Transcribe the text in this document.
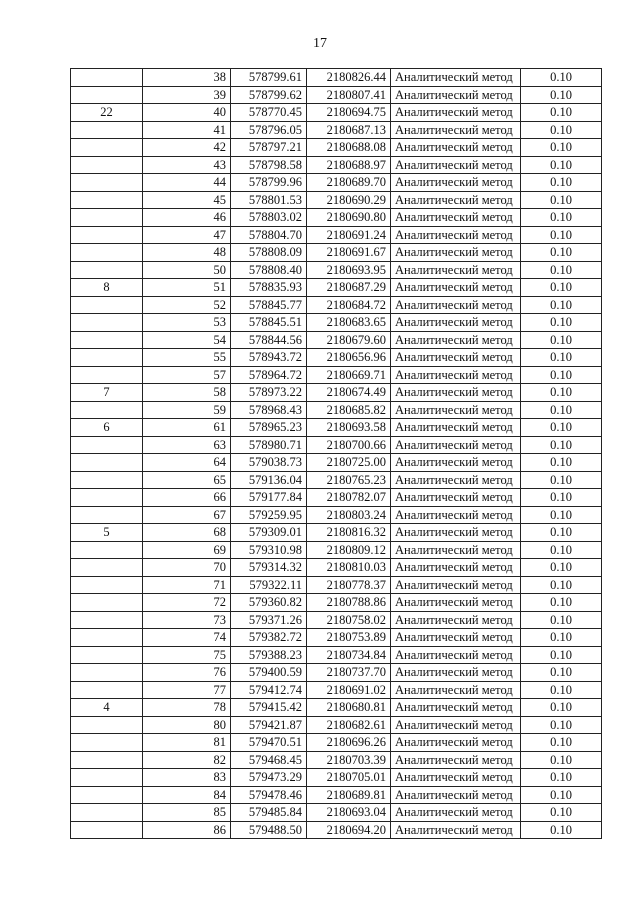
17
	38	578799.61	2180826.44	Аналитический метод	0.10
	39	578799.62	2180807.41	Аналитический метод	0.10
22	40	578770.45	2180694.75	Аналитический метод	0.10
	41	578796.05	2180687.13	Аналитический метод	0.10
	42	578797.21	2180688.08	Аналитический метод	0.10
	43	578798.58	2180688.97	Аналитический метод	0.10
	44	578799.96	2180689.70	Аналитический метод	0.10
	45	578801.53	2180690.29	Аналитический метод	0.10
	46	578803.02	2180690.80	Аналитический метод	0.10
	47	578804.70	2180691.24	Аналитический метод	0.10
	48	578808.09	2180691.67	Аналитический метод	0.10
	50	578808.40	2180693.95	Аналитический метод	0.10
8	51	578835.93	2180687.29	Аналитический метод	0.10
	52	578845.77	2180684.72	Аналитический метод	0.10
	53	578845.51	2180683.65	Аналитический метод	0.10
	54	578844.56	2180679.60	Аналитический метод	0.10
	55	578943.72	2180656.96	Аналитический метод	0.10
	57	578964.72	2180669.71	Аналитический метод	0.10
7	58	578973.22	2180674.49	Аналитический метод	0.10
	59	578968.43	2180685.82	Аналитический метод	0.10
6	61	578965.23	2180693.58	Аналитический метод	0.10
	63	578980.71	2180700.66	Аналитический метод	0.10
	64	579038.73	2180725.00	Аналитический метод	0.10
	65	579136.04	2180765.23	Аналитический метод	0.10
	66	579177.84	2180782.07	Аналитический метод	0.10
	67	579259.95	2180803.24	Аналитический метод	0.10
5	68	579309.01	2180816.32	Аналитический метод	0.10
	69	579310.98	2180809.12	Аналитический метод	0.10
	70	579314.32	2180810.03	Аналитический метод	0.10
	71	579322.11	2180778.37	Аналитический метод	0.10
	72	579360.82	2180788.86	Аналитический метод	0.10
	73	579371.26	2180758.02	Аналитический метод	0.10
	74	579382.72	2180753.89	Аналитический метод	0.10
	75	579388.23	2180734.84	Аналитический метод	0.10
	76	579400.59	2180737.70	Аналитический метод	0.10
	77	579412.74	2180691.02	Аналитический метод	0.10
4	78	579415.42	2180680.81	Аналитический метод	0.10
	80	579421.87	2180682.61	Аналитический метод	0.10
	81	579470.51	2180696.26	Аналитический метод	0.10
	82	579468.45	2180703.39	Аналитический метод	0.10
	83	579473.29	2180705.01	Аналитический метод	0.10
	84	579478.46	2180689.81	Аналитический метод	0.10
	85	579485.84	2180693.04	Аналитический метод	0.10
	86	579488.50	2180694.20	Аналитический метод	0.10
